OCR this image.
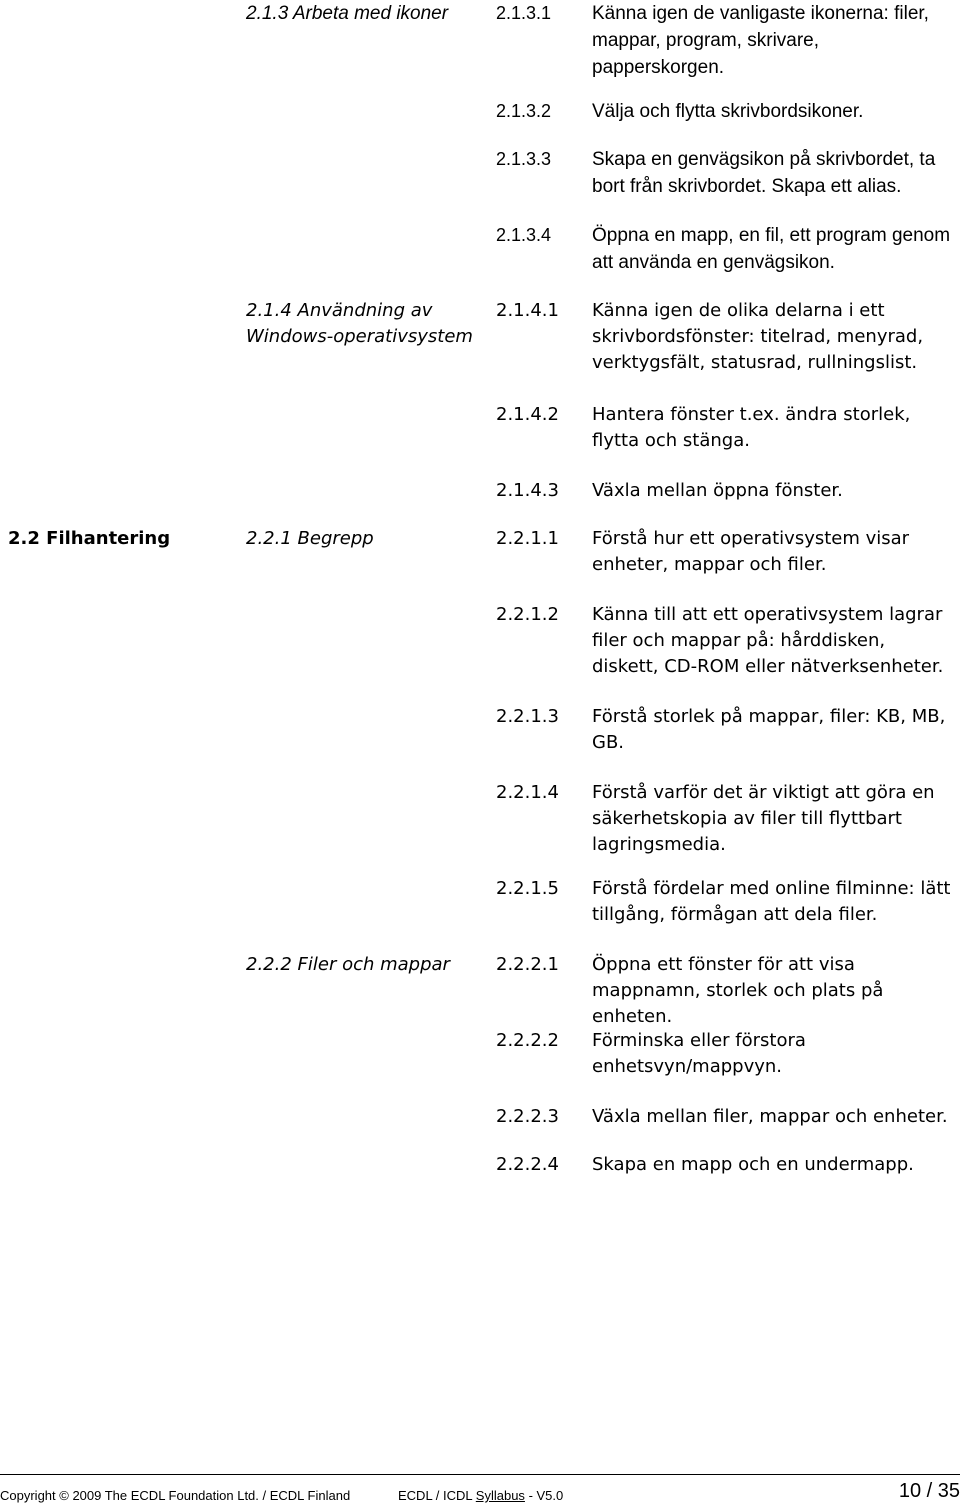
2.1.3 Arbeta med ikoner	2.1.3.1 Känna igen de vanligaste ikonerna: filer, mappar, program, skrivare, papperskorgen.
2.1.3.2 Välja och flytta skrivbordsikoner.
2.1.3.3 Skapa en genvägsikon på skrivbordet, ta bort från skrivbordet. Skapa ett alias.
2.1.3.4 Öppna en mapp, en fil, ett program genom att använda en genvägsikon.
2.1.4 Användning av Windows-operativsystem
2.1.4.1 Känna igen de olika delarna i ett skrivbordsfönster: titelrad, menyrad, verktygsfält, statusrad, rullningslist.
2.1.4.2 Hantera fönster t.ex. ändra storlek, flytta och stänga.
2.1.4.3 Växla mellan öppna fönster.
2.2 Filhantering	2.2.1 Begrepp	2.2.1.1 Förstå hur ett operativsystem visar enheter, mappar och filer.
2.2.1.2 Känna till att ett operativsystem lagrar filer och mappar på: hårddisken, diskett, CD-ROM eller nätverksenheter.
2.2.1.3 Förstå storlek på mappar, filer: KB, MB, GB.
2.2.1.4 Förstå varför det är viktigt att göra en säkerhetskopia av filer till flyttbart lagringsmedia.
2.2.1.5 Förstå fördelar med online filminne: lätt tillgång, förmågan att dela filer.
2.2.2 Filer och mappar	2.2.2.1 Öppna ett fönster för att visa mappnamn, storlek och plats på enheten.
2.2.2.2 Förminska eller förstora enhetsvyn/mappvyn.
2.2.2.3 Växla mellan filer, mappar och enheter.
2.2.2.4 Skapa en mapp och en undermapp.
Copyright © 2009 The ECDL Foundation Ltd. / ECDL Finland	ECDL / ICDL Syllabus - V5.0	10 / 35
